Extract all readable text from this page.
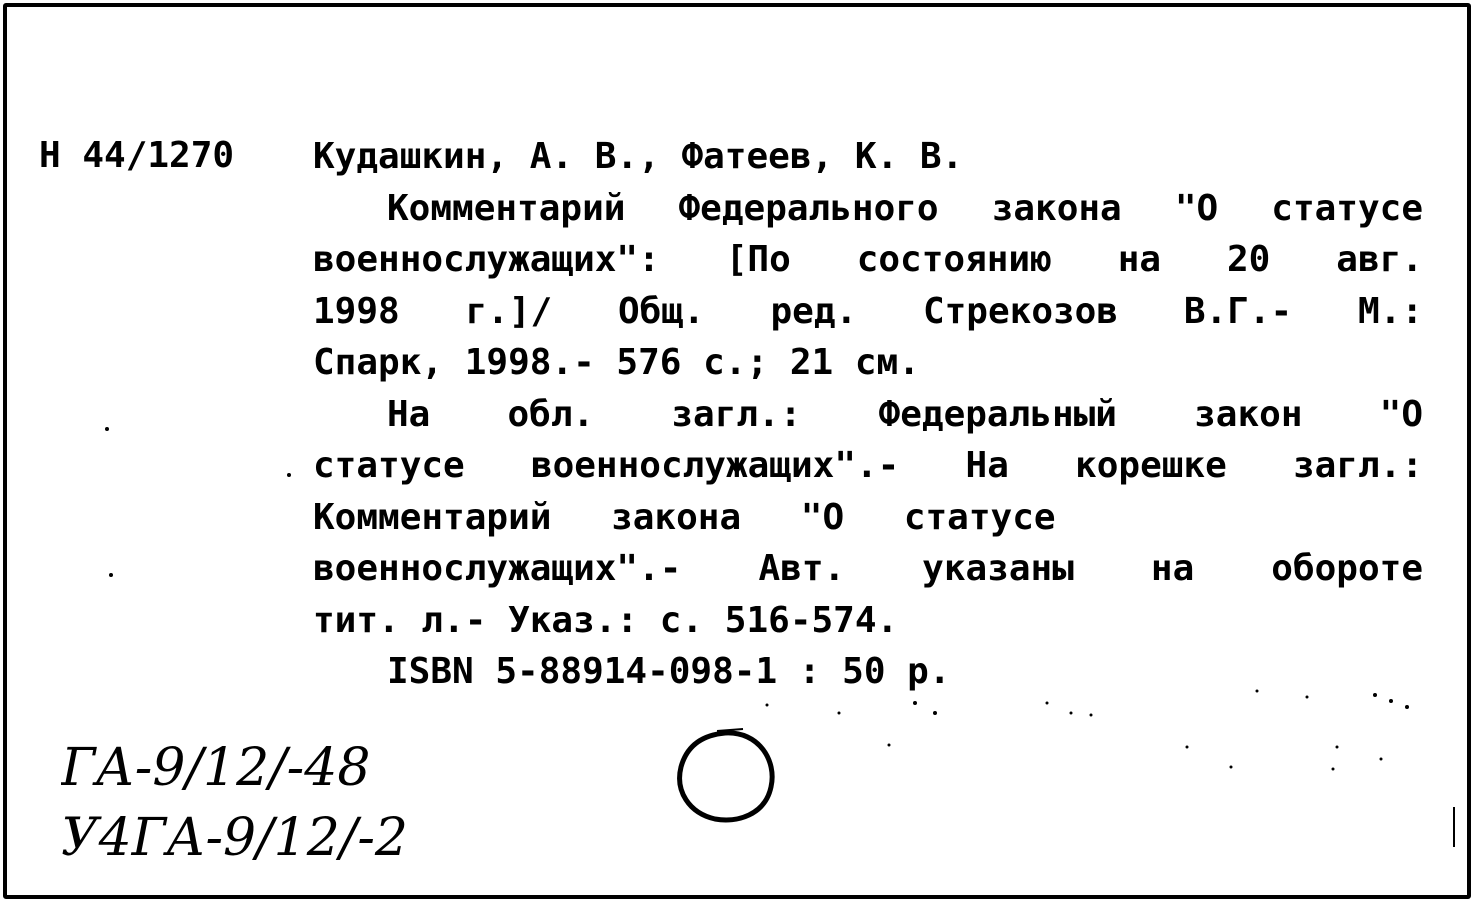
Н 44/1270 Кудашкин, А. В., Фатеев, К. В.
Комментарий Федерального закона "О статусе
военнослужащих": [По состоянию на 20 авг.
1998 г.]/ Общ. ред. Стрекозов В.Г.- М.:
Спарк, 1998.- 576 с.; 21 см.
На обл. загл.: Федеральный закон "О
статусе военнослужащих".- На корешке загл.:
Комментарий закона "О статусе
военнослужащих".- Авт. указаны на обороте
тит. л.- Указ.: с. 516-574.
ISBN 5-88914-098-1 : 50 р.
ГА-9/12/-48
У4ГА-9/12/-2
